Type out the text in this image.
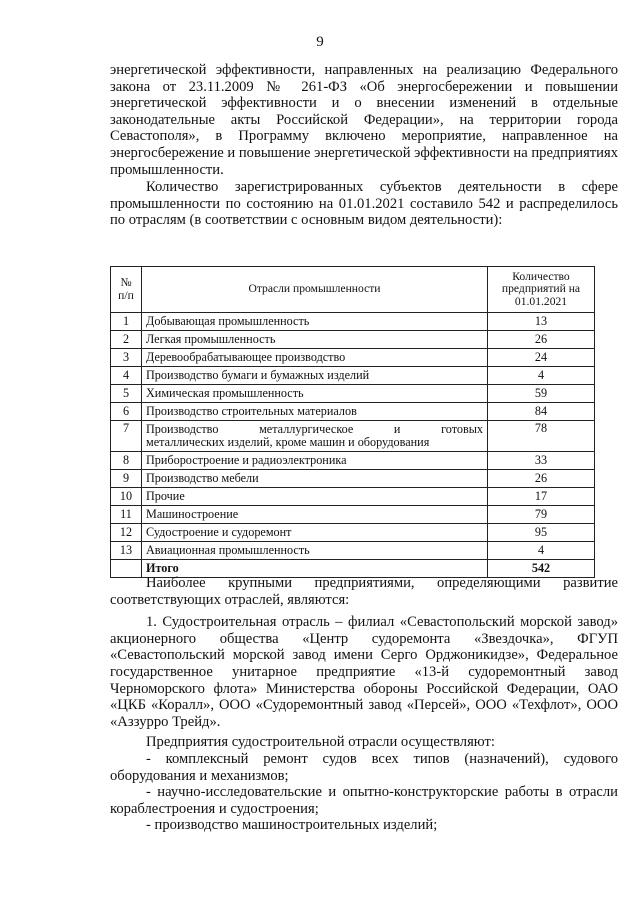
9

энергетической эффективности, направленных на реализацию Федерального закона от 23.11.2009 № 261-ФЗ «Об энергосбережении и повышении энергетической эффективности и о внесении изменений в отдельные законодательные акты Российской Федерации», на территории города Севастополя», в Программу включено мероприятие, направленное на энергосбережение и повышение энергетической эффективности на предприятиях промышленности.

Количество зарегистрированных субъектов деятельности в сфере промышленности по состоянию на 01.01.2021 составило 542 и распределилось по отраслям (в соответствии с основным видом деятельности):

№ п/п	Отрасли промышленности	Количество предприятий на 01.01.2021
1	Добывающая промышленность	13
2	Легкая промышленность	26
3	Деревообрабатывающее производство	24
4	Производство бумаги и бумажных изделий	4
5	Химическая промышленность	59
6	Производство строительных материалов	84
7	Производство металлургическое и готовых
металлических изделий, кроме машин и оборудования	78
8	Приборостроение и радиоэлектроника	33
9	Производство мебели	26
10	Прочие	17
11	Машиностроение	79
12	Судостроение и судоремонт	95
13	Авиационная промышленность	4
	Итого	542

Наиболее крупными предприятиями, определяющими развитие соответствующих отраслей, являются:

1. Судостроительная отрасль – филиал «Севастопольский морской завод» акционерного общества «Центр судоремонта «Звездочка», ФГУП «Севастопольский морской завод имени Серго Орджоникидзе», Федеральное государственное унитарное предприятие «13-й судоремонтный завод Черноморского флота» Министерства обороны Российской Федерации, ОАО «ЦКБ «Коралл», ООО «Судоремонтный завод «Персей», ООО «Техфлот», ООО «Аззурро Трейд».

Предприятия судостроительной отрасли осуществляют:

- комплексный ремонт судов всех типов (назначений), судового оборудования и механизмов;

- научно-исследовательские и опытно-конструкторские работы в отрасли кораблестроения и судостроения;

- производство машиностроительных изделий;
